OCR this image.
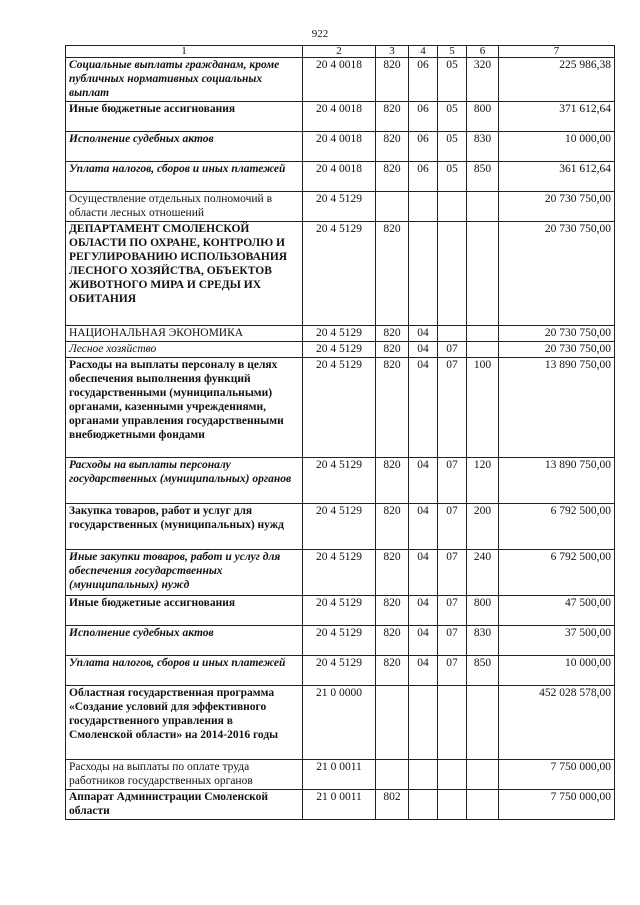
922
1	2	3	4	5	6	7
Социальные выплаты гражданам, кроме публичных нормативных социальных выплат	20 4 0018	820	06	05	320	225 986,38
Иные бюджетные ассигнования	20 4 0018	820	06	05	800	371 612,64
Исполнение судебных актов	20 4 0018	820	06	05	830	10 000,00
Уплата налогов, сборов и иных платежей	20 4 0018	820	06	05	850	361 612,64
Осуществление отдельных полномочий в области лесных отношений	20 4 5129					20 730 750,00
ДЕПАРТАМЕНТ СМОЛЕНСКОЙ ОБЛАСТИ ПО ОХРАНЕ, КОНТРОЛЮ И РЕГУЛИРОВАНИЮ ИСПОЛЬЗОВАНИЯ ЛЕСНОГО ХОЗЯЙСТВА, ОБЪЕКТОВ ЖИВОТНОГО МИРА И СРЕДЫ ИХ ОБИТАНИЯ	20 4 5129	820				20 730 750,00
НАЦИОНАЛЬНАЯ ЭКОНОМИКА	20 4 5129	820	04			20 730 750,00
Лесное хозяйство	20 4 5129	820	04	07		20 730 750,00
Расходы на выплаты персоналу в целях обеспечения выполнения функций государственными (муниципальными) органами, казенными учреждениями, органами управления государственными внебюджетными фондами	20 4 5129	820	04	07	100	13 890 750,00
Расходы на выплаты персоналу государственных (муниципальных) органов	20 4 5129	820	04	07	120	13 890 750,00
Закупка товаров, работ и услуг для государственных (муниципальных) нужд	20 4 5129	820	04	07	200	6 792 500,00
Иные закупки товаров, работ и услуг для обеспечения государственных (муниципальных) нужд	20 4 5129	820	04	07	240	6 792 500,00
Иные бюджетные ассигнования	20 4 5129	820	04	07	800	47 500,00
Исполнение судебных актов	20 4 5129	820	04	07	830	37 500,00
Уплата налогов, сборов и иных платежей	20 4 5129	820	04	07	850	10 000,00
Областная государственная программа «Создание условий для эффективного государственного управления в Смоленской области» на 2014-2016 годы	21 0 0000					452 028 578,00
Расходы на выплаты по оплате труда работников государственных органов	21 0 0011					7 750 000,00
Аппарат Администрации Смоленской области	21 0 0011	802				7 750 000,00
